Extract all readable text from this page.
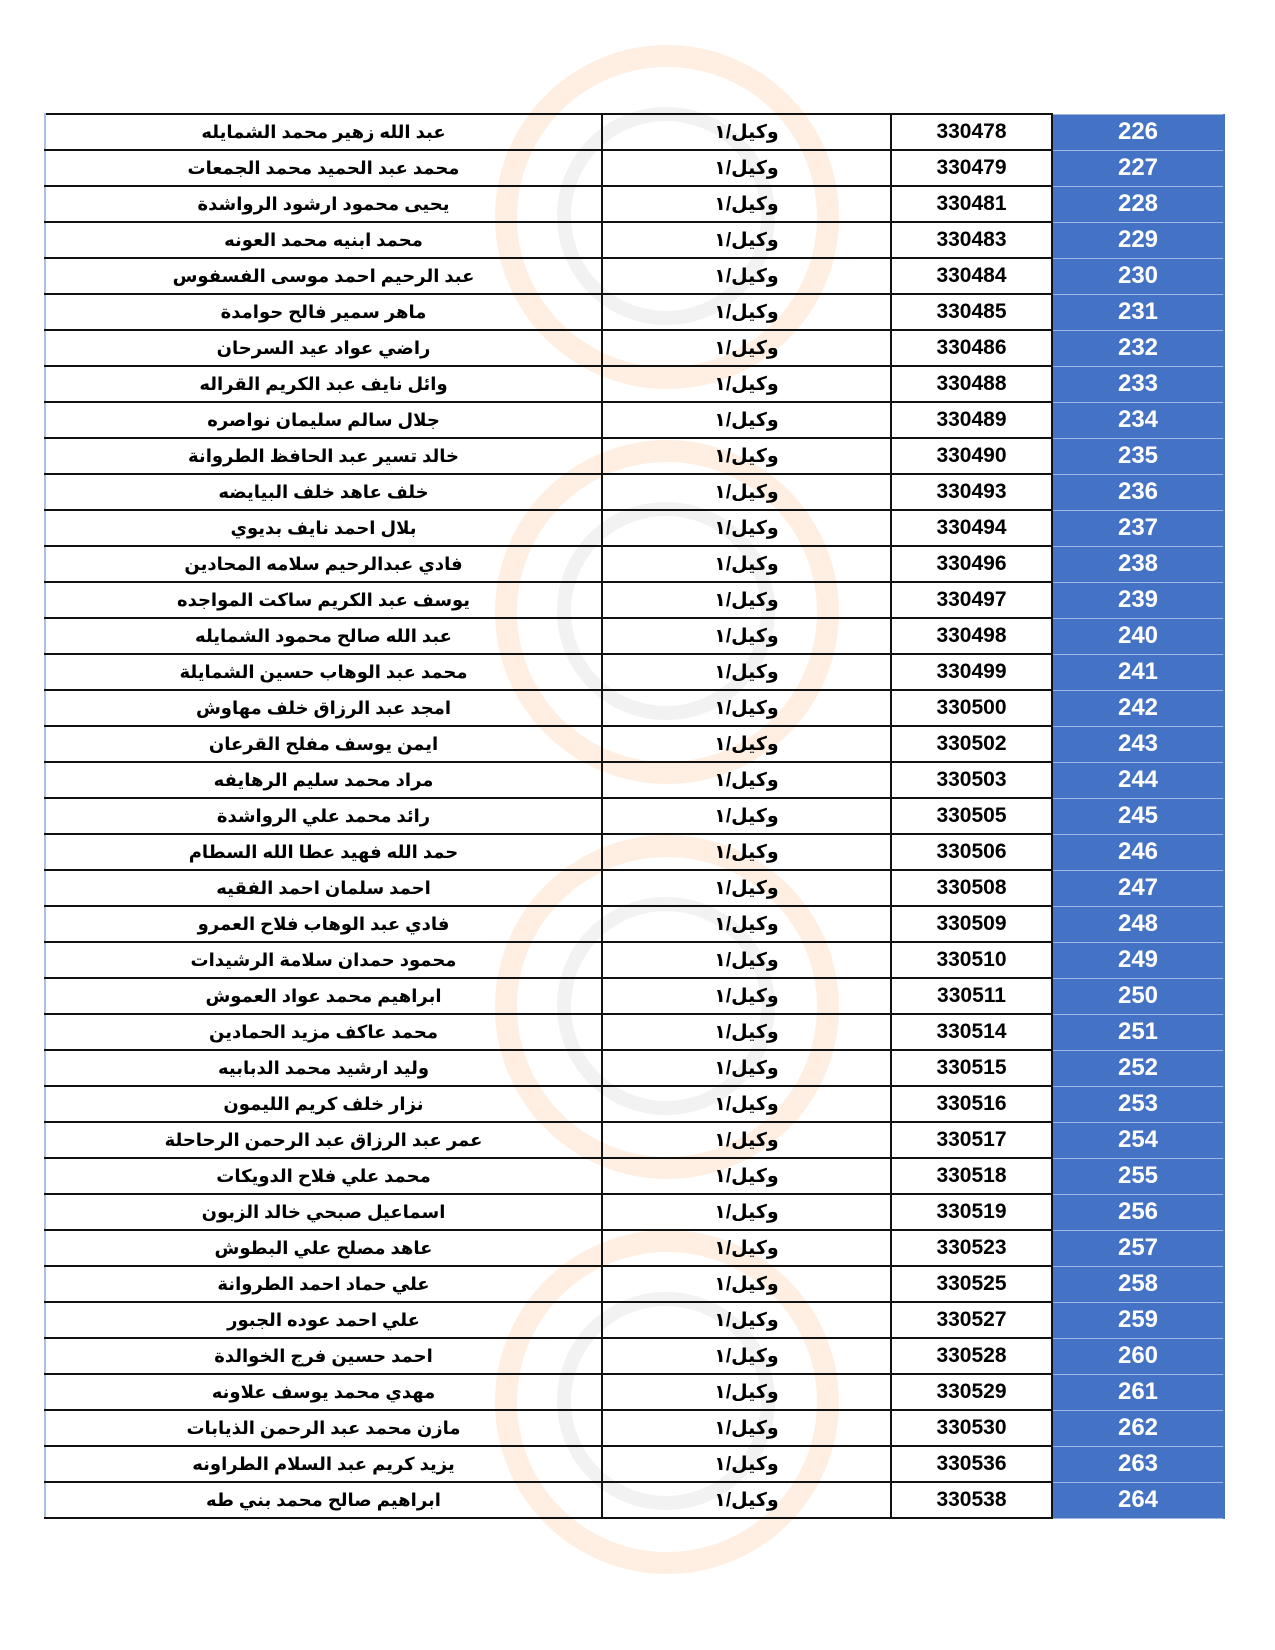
226	330478	وكيل/١	عبد الله زهير محمد الشمايله
227	330479	وكيل/١	محمد عبد الحميد محمد الجمعات
228	330481	وكيل/١	يحيى محمود ارشود الرواشدة
229	330483	وكيل/١	محمد ابنيه محمد العونه
230	330484	وكيل/١	عبد الرحيم احمد موسى الفسفوس
231	330485	وكيل/١	ماهر سمير فالح حوامدة
232	330486	وكيل/١	راضي عواد عيد السرحان
233	330488	وكيل/١	وائل نايف عبد الكريم القراله
234	330489	وكيل/١	جلال سالم سليمان نواصره
235	330490	وكيل/١	خالد تسير عبد الحافظ الطروانة
236	330493	وكيل/١	خلف عاهد خلف البيايضه
237	330494	وكيل/١	بلال احمد نايف بديوي
238	330496	وكيل/١	فادي عبدالرحيم سلامه المحادين
239	330497	وكيل/١	يوسف عبد الكريم ساكت المواجده
240	330498	وكيل/١	عبد الله صالح محمود الشمايله
241	330499	وكيل/١	محمد عبد الوهاب حسين الشمايلة
242	330500	وكيل/١	امجد عبد الرزاق خلف مهاوش
243	330502	وكيل/١	ايمن يوسف مفلح القرعان
244	330503	وكيل/١	مراد محمد سليم الرهايفه
245	330505	وكيل/١	رائد محمد علي الرواشدة
246	330506	وكيل/١	حمد الله فهيد عطا الله السطام
247	330508	وكيل/١	احمد سلمان احمد الفقيه
248	330509	وكيل/١	فادي عبد الوهاب فلاح العمرو
249	330510	وكيل/١	محمود حمدان سلامة الرشيدات
250	330511	وكيل/١	ابراهيم محمد عواد العموش
251	330514	وكيل/١	محمد عاكف مزيد الحمادين
252	330515	وكيل/١	وليد ارشيد محمد الدبابيه
253	330516	وكيل/١	نزار خلف كريم الليمون
254	330517	وكيل/١	عمر عبد الرزاق عبد الرحمن الرحاحلة
255	330518	وكيل/١	محمد علي فلاح الدويكات
256	330519	وكيل/١	اسماعيل صبحي خالد الزبون
257	330523	وكيل/١	عاهد مصلح علي البطوش
258	330525	وكيل/١	علي حماد احمد الطروانة
259	330527	وكيل/١	علي احمد عوده الجبور
260	330528	وكيل/١	احمد حسين فرج الخوالدة
261	330529	وكيل/١	مهدي محمد يوسف علاونه
262	330530	وكيل/١	مازن محمد عبد الرحمن الذيابات
263	330536	وكيل/١	يزيد كريم عبد السلام الطراونه
264	330538	وكيل/١	ابراهيم صالح محمد بني طه
